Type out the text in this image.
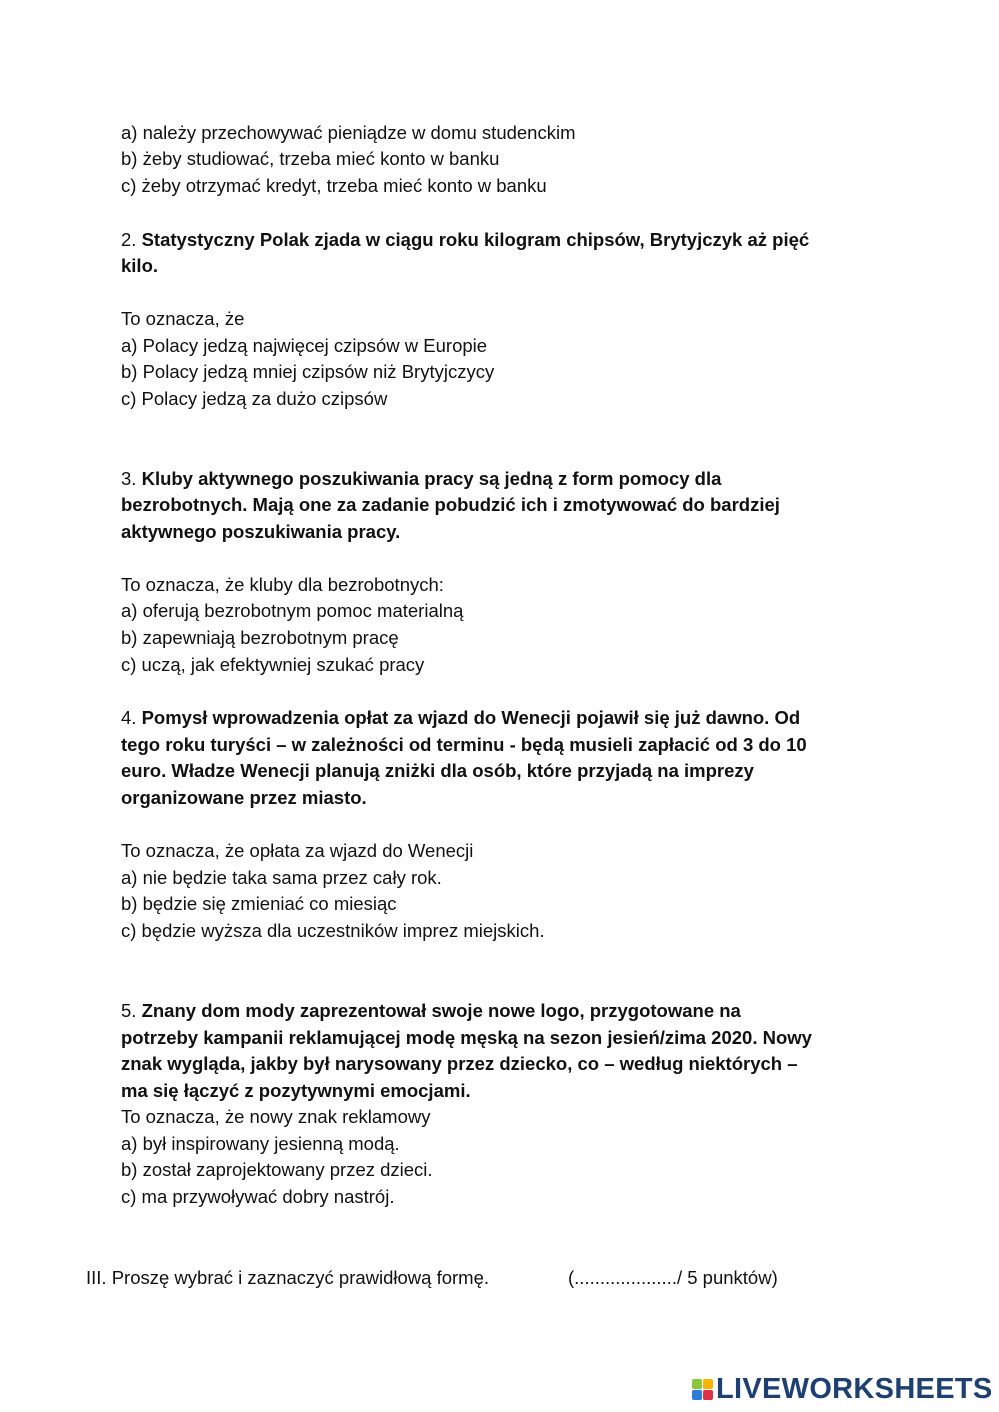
a) należy przechowywać pieniądze w domu studenckim
b) żeby studiować, trzeba mieć konto w banku
c) żeby otrzymać kredyt, trzeba mieć konto w banku
2. Statystyczny Polak zjada w ciągu roku kilogram chipsów, Brytyjczyk aż pięć
kilo.
To oznacza, że
a) Polacy jedzą najwięcej czipsów w Europie
b) Polacy jedzą mniej czipsów niż Brytyjczycy
c) Polacy jedzą za dużo czipsów
3. Kluby aktywnego poszukiwania pracy są jedną z form pomocy dla
bezrobotnych. Mają one za zadanie pobudzić ich i zmotywować do bardziej
aktywnego poszukiwania pracy.
To oznacza, że kluby dla bezrobotnych:
a) oferują bezrobotnym pomoc materialną
b) zapewniają bezrobotnym pracę
c) uczą, jak efektywniej szukać pracy
4. Pomysł wprowadzenia opłat za wjazd do Wenecji pojawił się już dawno. Od
tego roku turyści – w zależności od terminu - będą musieli zapłacić od 3 do 10
euro. Władze Wenecji planują zniżki dla osób, które przyjadą na imprezy
organizowane przez miasto.
To oznacza, że opłata za wjazd do Wenecji
a) nie będzie taka sama przez cały rok.
b) będzie się zmieniać co miesiąc
c) będzie wyższa dla uczestników imprez miejskich.
5. Znany dom mody zaprezentował swoje nowe logo, przygotowane na
potrzeby kampanii reklamującej modę męską na sezon jesień/zima 2020. Nowy
znak wygląda, jakby był narysowany przez dziecko, co – według niektórych –
ma się łączyć z pozytywnymi emocjami.
To oznacza, że nowy znak reklamowy
a) był inspirowany jesienną modą.
b) został zaprojektowany przez dzieci.
c) ma przywoływać dobry nastrój.
III. Proszę wybrać i zaznaczyć prawidłową formę.	(..................../ 5 punktów)
LIVEWORKSHEETS
